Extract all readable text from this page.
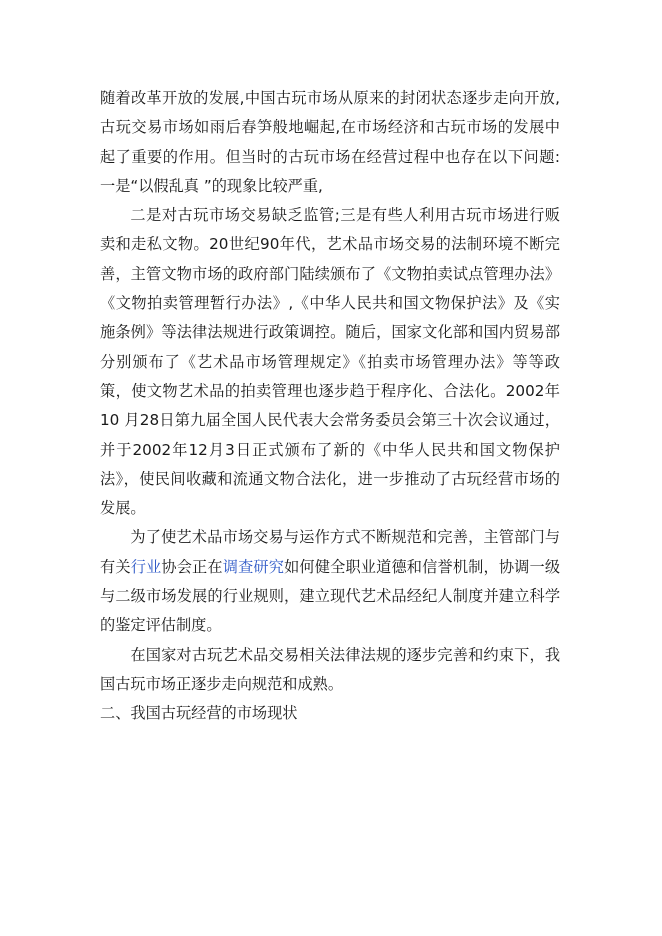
随着改革开放的发展,中国古玩市场从原来的封闭状态逐步走向开放,古玩交易市场如雨后春笋般地崛起,在市场经济和古玩市场的发展中起了重要的作用。但当时的古玩市场在经营过程中也存在以下问题:一是“以假乱真 ”的现象比较严重,

二是对古玩市场交易缺乏监管;三是有些人利用古玩市场进行贩卖和走私文物。20世纪90年代，艺术品市场交易的法制环境不断完善，主管文物市场的政府部门陆续颁布了《文物拍卖试点管理办法》《文物拍卖管理暂行办法》,《中华人民共和国文物保护法》及《实施条例》等法律法规进行政策调控。随后，国家文化部和国内贸易部分别颁布了《艺术品市场管理规定》《拍卖市场管理办法》等等政策，使文物艺术品的拍卖管理也逐步趋于程序化、合法化。2002年10 月28日第九届全国人民代表大会常务委员会第三十次会议通过，并于2002年12月3日正式颁布了新的《中华人民共和国文物保护法》，使民间收藏和流通文物合法化，进一步推动了古玩经营市场的发展。

为了使艺术品市场交易与运作方式不断规范和完善，主管部门与有关行业协会正在调查研究如何健全职业道德和信誉机制，协调一级与二级市场发展的行业规则，建立现代艺术品经纪人制度并建立科学的鉴定评估制度。

在国家对古玩艺术品交易相关法律法规的逐步完善和约束下，我国古玩市场正逐步走向规范和成熟。

二、我国古玩经营的市场现状
